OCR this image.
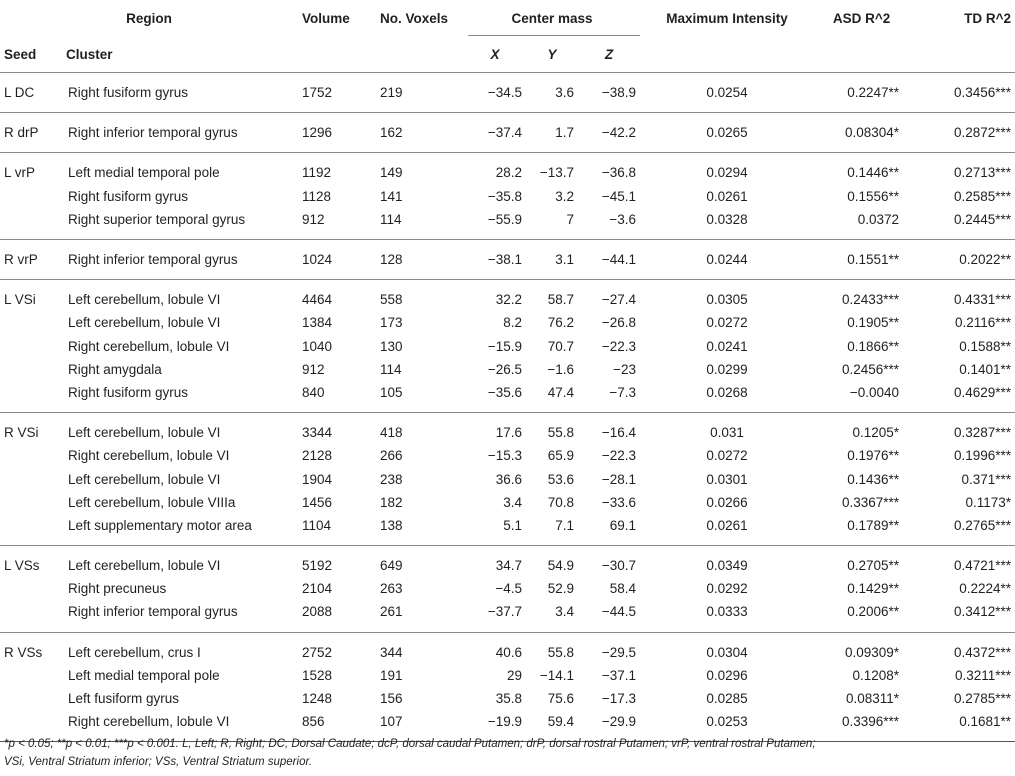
Region		Volume	No. Voxels	Center mass			Maximum Intensity	ASD R^2	TD R^2
Seed	Cluster			X	Y	Z			
L DC	Right fusiform gyrus	1752	219	−34.5	3.6	−38.9	0.0254	0.2247**	0.3456***
R drP	Right inferior temporal gyrus	1296	162	−37.4	1.7	−42.2	0.0265	0.08304*	0.2872***
L vrP	Left medial temporal pole	1192	149	28.2	−13.7	−36.8	0.0294	0.1446**	0.2713***
	Right fusiform gyrus	1128	141	−35.8	3.2	−45.1	0.0261	0.1556**	0.2585***
	Right superior temporal gyrus	912	114	−55.9	7	−3.6	0.0328	0.0372	0.2445***
R vrP	Right inferior temporal gyrus	1024	128	−38.1	3.1	−44.1	0.0244	0.1551**	0.2022**
L VSi	Left cerebellum, lobule VI	4464	558	32.2	58.7	−27.4	0.0305	0.2433***	0.4331***
	Left cerebellum, lobule VI	1384	173	8.2	76.2	−26.8	0.0272	0.1905**	0.2116***
	Right cerebellum, lobule VI	1040	130	−15.9	70.7	−22.3	0.0241	0.1866**	0.1588**
	Right amygdala	912	114	−26.5	−1.6	−23	0.0299	0.2456***	0.1401**
	Right fusiform gyrus	840	105	−35.6	47.4	−7.3	0.0268	−0.0040	0.4629***
R VSi	Left cerebellum, lobule VI	3344	418	17.6	55.8	−16.4	0.031	0.1205*	0.3287***
	Right cerebellum, lobule VI	2128	266	−15.3	65.9	−22.3	0.0272	0.1976**	0.1996***
	Left cerebellum, lobule VI	1904	238	36.6	53.6	−28.1	0.0301	0.1436**	0.371***
	Left cerebellum, lobule VIIIa	1456	182	3.4	70.8	−33.6	0.0266	0.3367***	0.1173*
	Left supplementary motor area	1104	138	5.1	7.1	69.1	0.0261	0.1789**	0.2765***
L VSs	Left cerebellum, lobule VI	5192	649	34.7	54.9	−30.7	0.0349	0.2705**	0.4721***
	Right precuneus	2104	263	−4.5	52.9	58.4	0.0292	0.1429**	0.2224**
	Right inferior temporal gyrus	2088	261	−37.7	3.4	−44.5	0.0333	0.2006**	0.3412***
R VSs	Left cerebellum, crus I	2752	344	40.6	55.8	−29.5	0.0304	0.09309*	0.4372***
	Left medial temporal pole	1528	191	29	−14.1	−37.1	0.0296	0.1208*	0.3211***
	Left fusiform gyrus	1248	156	35.8	75.6	−17.3	0.0285	0.08311*	0.2785***
	Right cerebellum, lobule VI	856	107	−19.9	59.4	−29.9	0.0253	0.3396***	0.1681**
*p < 0.05; **p < 0.01; ***p < 0.001. L, Left; R, Right; DC, Dorsal Caudate; dcP, dorsal caudal Putamen; drP, dorsal rostral Putamen; vrP, ventral rostral Putamen;
VSi, Ventral Striatum inferior; VSs, Ventral Striatum superior.
